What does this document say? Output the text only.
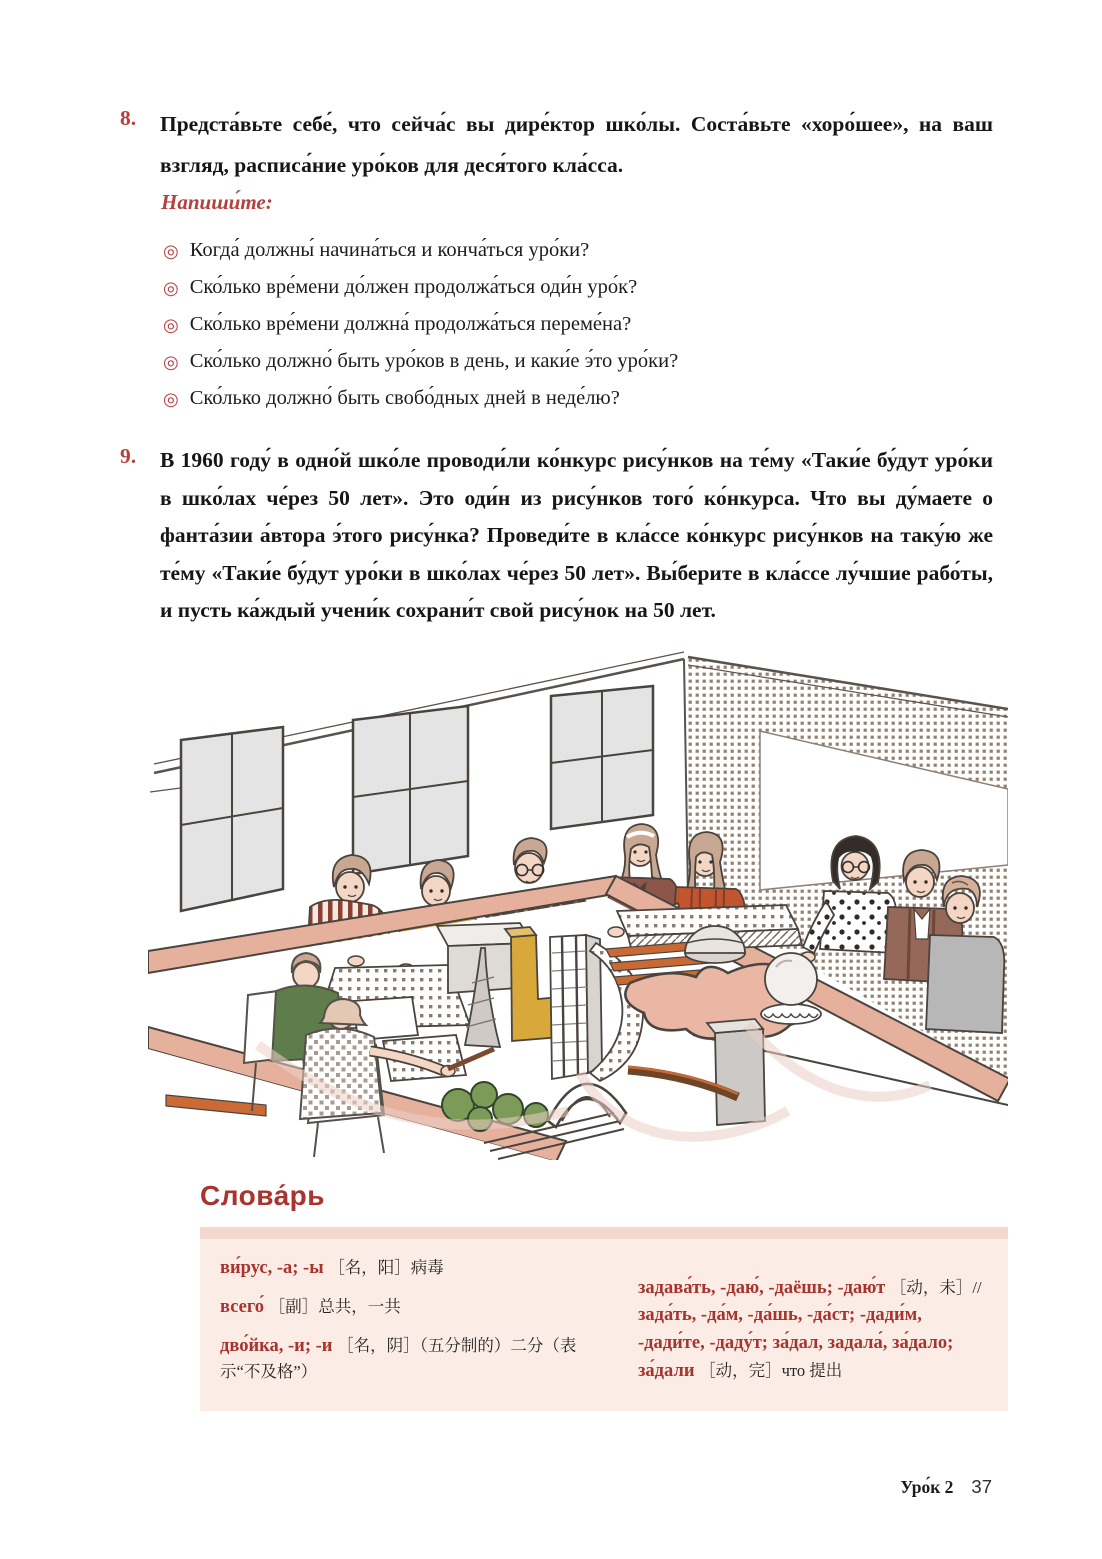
8.	Предста́вьте себе́, что сейча́с вы дире́ктор шко́лы. Соста́вьте «хоро́шее», на ваш взгляд, расписа́ние уро́ков для деся́того кла́сса.
Напиши́те:
◎ Когда́ должны́ начина́ться и конча́ться уро́ки?
◎ Ско́лько вре́мени до́лжен продолжа́ться оди́н уро́к?
◎ Ско́лько вре́мени должна́ продолжа́ться переме́на?
◎ Ско́лько должно́ быть уро́ков в день, и каки́е э́то уро́ки?
◎ Ско́лько должно́ быть свобо́дных дней в неде́лю?
9.	В 1960 году́ в одно́й шко́ле проводи́ли ко́нкурс рису́нков на те́му «Таки́е бу́дут уро́ки в шко́лах че́рез 50 лет». Это оди́н из рису́нков того́ ко́нкурса. Что вы ду́маете о фанта́зии а́втора э́того рису́нка? Проведи́те в кла́ссе ко́нкурс рису́нков на таку́ю же те́му «Таки́е бу́дут уро́ки в шко́лах че́рез 50 лет». Вы́берите в кла́ссе лу́чшие рабо́ты, и пусть ка́ждый учени́к сохрани́т свой рису́нок на 50 лет.
Слова́рь

ви́рус, -а; -ы ［名，阳］病毒

всего́ ［副］总共，一共

дво́йка, -и; -и ［名，阴］（五分制的）二分（表示“不及格”）

задава́ть, -даю́, -даёшь; -даю́т ［动，未］//зада́ть, -да́м, -да́шь, -да́ст; -дади́м, -дади́те, -даду́т; за́дал, задала́, за́дало; за́дали ［动，完］что 提出

Уро́к 2 37
